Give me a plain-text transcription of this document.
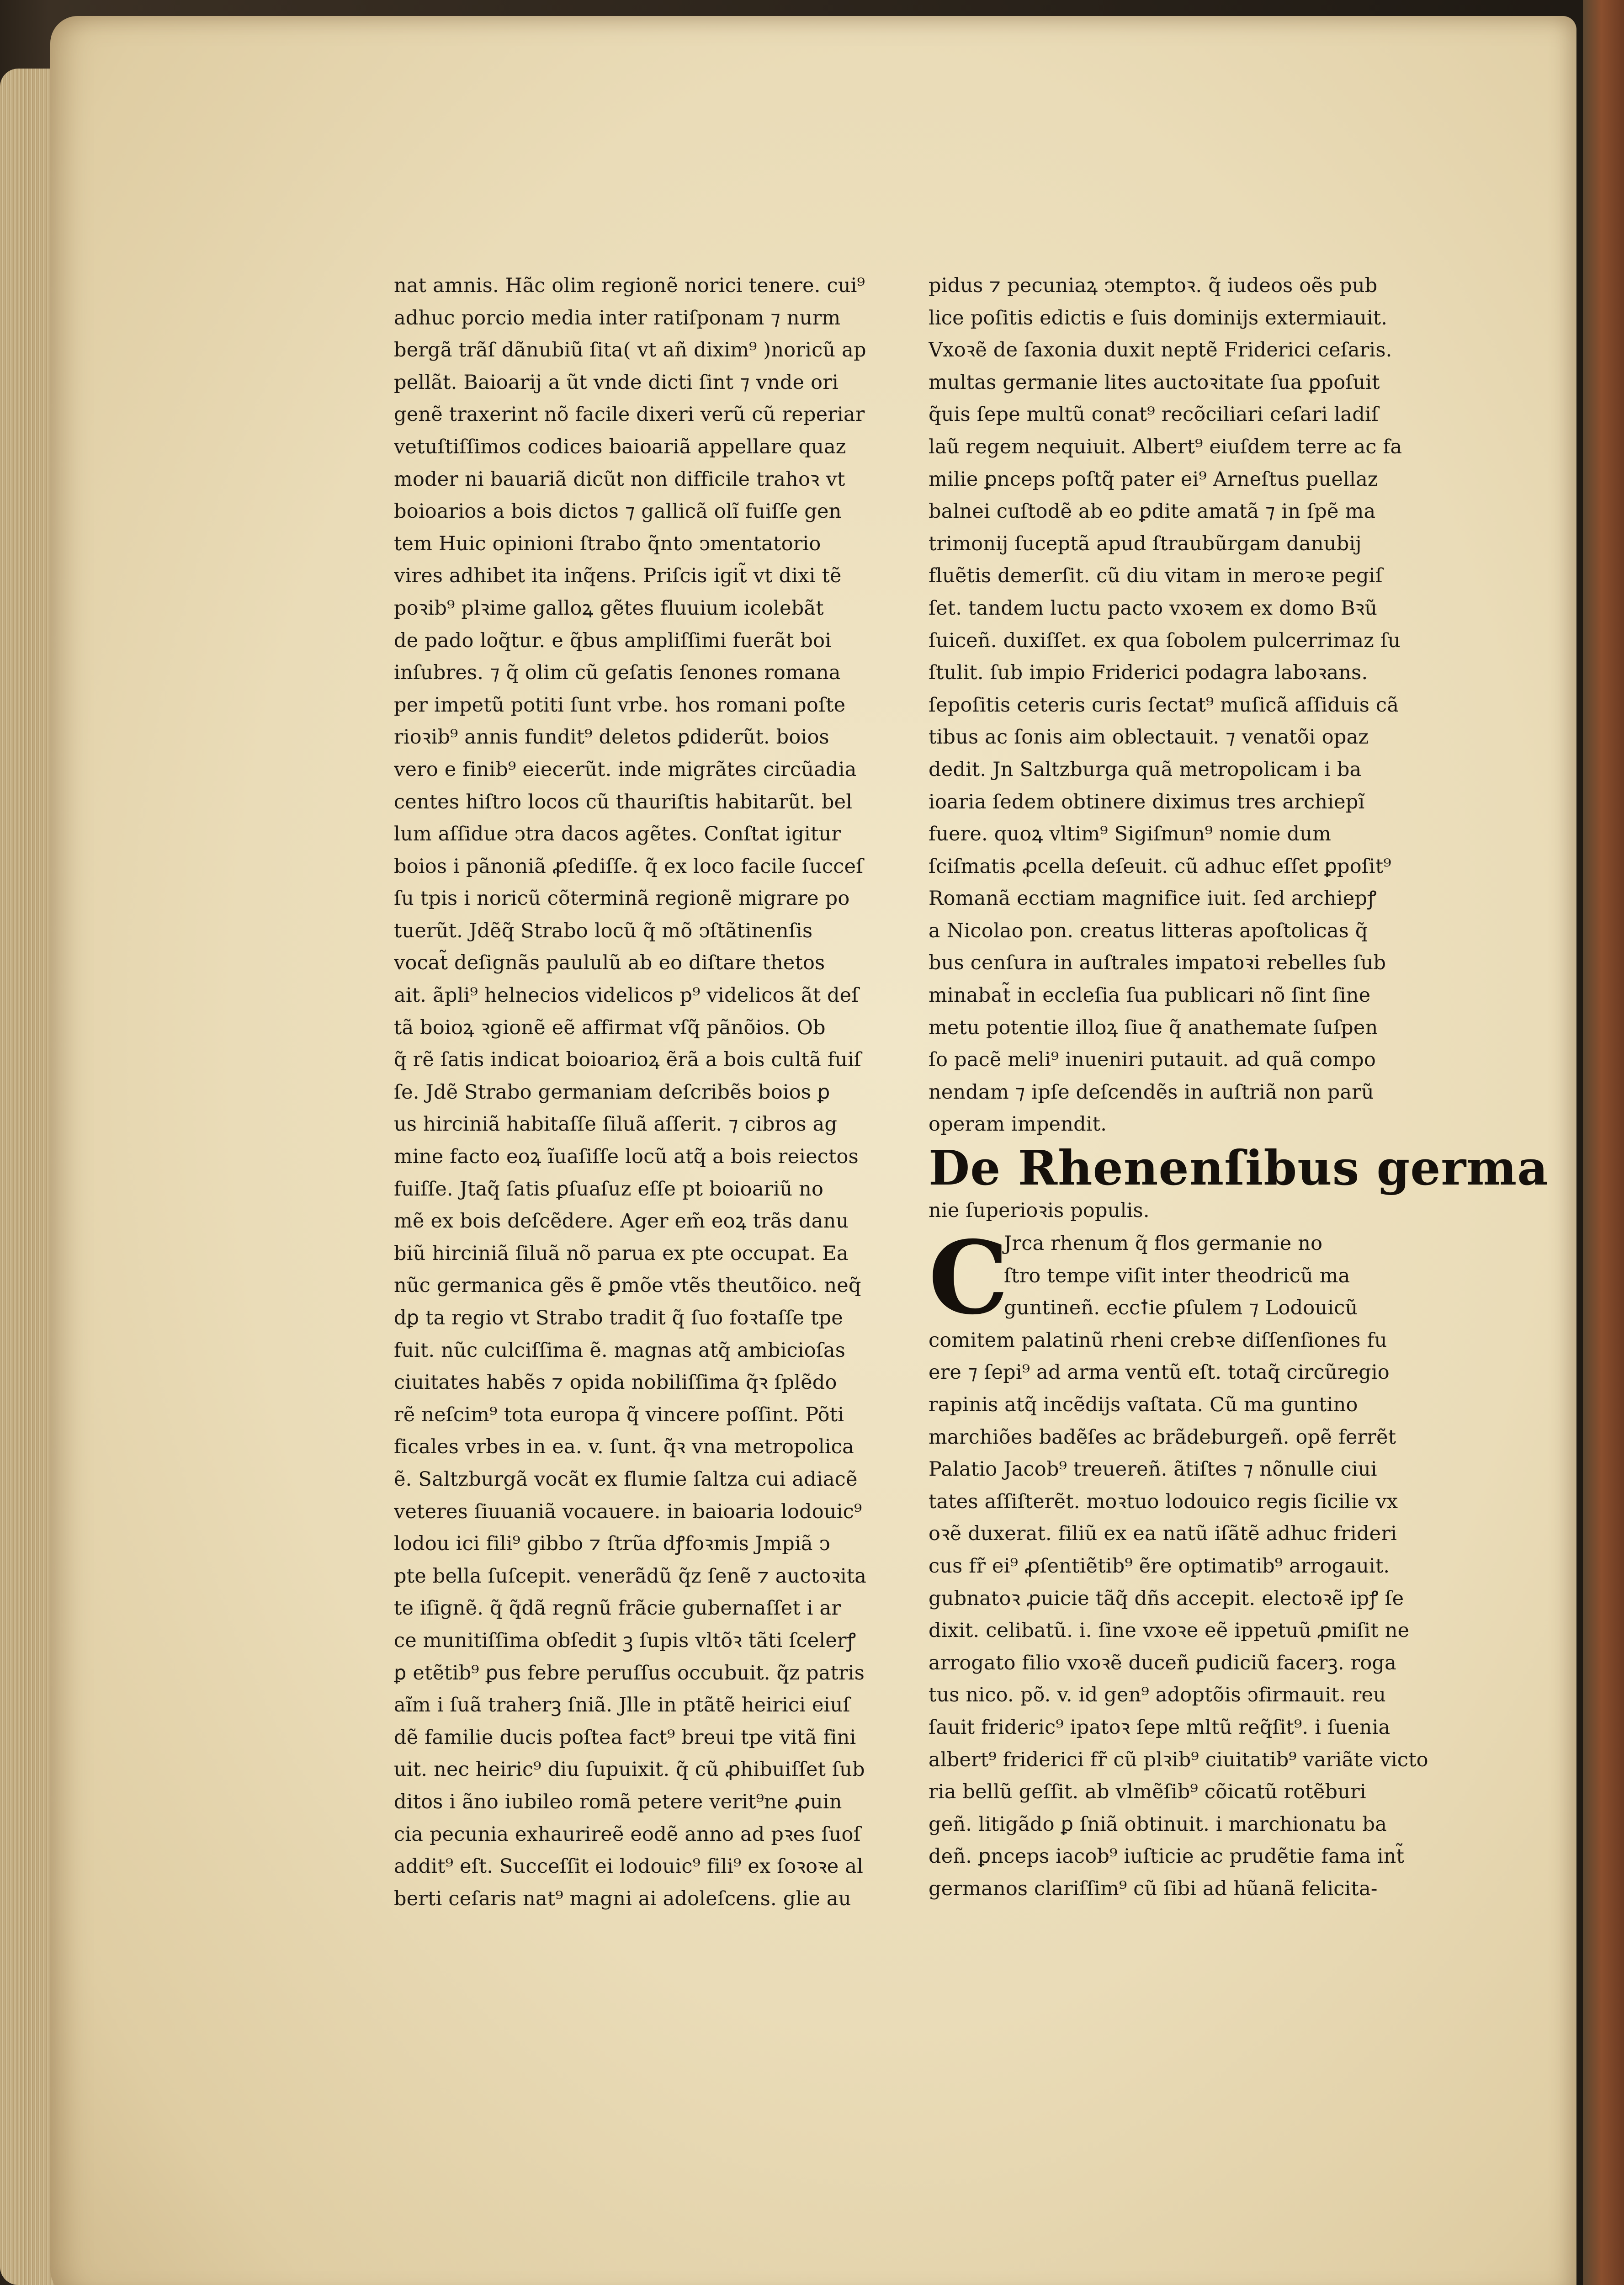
nat amnis. Hãc olim regionẽ norici tenere. cui⁹
adhuc porcio media inter ratiſponam ⁊ nurm
bergã trãſ dãnubiũ ſita( vt añ dixim⁹ )noricũ ap
pellãt. Baioarij a ũt vnde dicti ſint ⁊ vnde ori
genẽ traxerint nõ facile dixeri verũ cũ reperiar
vetuſtiſſimos codices baioariã appellare quaz
moder ni bauariã dicũt non difficile trahoꝛ vt
boioarios a bois dictos ⁊ gallicã olĩ fuiſſe gen
tem Huic opinioni ſtrabo q̃nto ↄmentatorio
vires adhibet ita inq̃ens. Priſcis igit̃ vt dixi tẽ
poꝛib⁹ plꝛime galloꝝ gẽtes fluuium icolebãt
de pado loq̃tur. e q̃bus ampliſſimi fuerãt boi
inſubres. ⁊ q̃ olim cũ geſatis ſenones romana
per impetũ potiti ſunt vrbe. hos romani poſte
rioꝛib⁹ annis fundit⁹ deletos ꝑdiderũt. boios
vero e finib⁹ eiecerũt. inde migrãtes circũadia
centes hiſtro locos cũ thauriſtis habitarũt. bel
lum aſſidue ↄtra dacos agẽtes. Conſtat igitur
boios i pãnoniã ꝓſediſſe. q̃ ex loco facile ſucceſ
ſu tpis i noricũ cõterminã regionẽ migrare po
tuerũt. Jdẽq̃ Strabo locũ q̃ mõ ↄſtãtinenſis
vocat̃ deſignãs paululũ ab eo diſtare thetos
ait. ãpli⁹ helnecios videlicos p⁹ videlicos ãt deſ
tã boioꝝ ꝛgionẽ eẽ affirmat vſq̃ pãnõios. Ob
q̃ rẽ ſatis indicat boioarioꝝ ẽrã a bois cultã fuiſ
ſe. Jdẽ Strabo germaniam deſcribẽs boios ꝑ
us hirciniã habitaſſe ſiluã aſſerit. ⁊ cibros ag
mine facto eoꝝ ĩuaſiſſe locũ atq̃ a bois reiectos
fuiſſe. Jtaq̃ ſatis ꝑſuaſuz eſſe pt boioariũ no
mẽ ex bois deſcẽdere. Ager em̃ eoꝝ trãs danu
biũ hirciniã ſiluã nõ parua ex pte occupat. Ea
nũc germanica gẽs ẽ ꝑmõe vtẽs theutõico. neq̃
dꝑ ta regio vt Strabo tradit q̃ ſuo foꝛtaſſe tpe
fuit. nũc culciſſima ẽ. magnas atq̃ ambicioſas
ciuitates habẽs ⁊ opida nobiliſſima q̃ꝛ ſplẽdo
rẽ neſcim⁹ tota europa q̃ vincere poſſint. Põti
ficales vrbes in ea. v. ſunt. q̃ꝛ vna metropolica
ẽ. Saltzburgã vocãt ex flumie ſaltza cui adiacẽ
veteres ſiuuaniã vocauere. in baioaria lodouic⁹
lodou ici fili⁹ gibbo ⁊ ſtrũa dꝭfoꝛmis Jmpiã ↄ
pte bella ſuſcepit. venerãdũ q̃z ſenẽ ⁊ auctoꝛita
te iſignẽ. q̃ q̃dã regnũ frãcie gubernaſſet i ar
ce munitiſſima obſedit ꝫ ſupis vltõꝛ tãti ſcelerꝭ
ꝑ etẽtib⁹ ꝑus febre peruſſus occubuit. q̃z patris
aĩm i ſuã traherꝫ ſniã. Jlle in ptãtẽ heirici eiuſ
dẽ familie ducis poſtea fact⁹ breui tpe vitã fini
uit. nec heiric⁹ diu ſupuixit. q̃ cũ ꝓhibuiſſet ſub
ditos i ãno iubileo romã petere verit⁹ne ꝓuin
cia pecunia exhaurireẽ eodẽ anno ad pꝛes ſuoſ
addit⁹ eſt. Succeſſit ei lodouic⁹ fili⁹ ex ſoꝛoꝛe al
berti ceſaris nat⁹ magni ai adoleſcens. glie au
pidus ⁊ pecuniaꝝ ↄtemptoꝛ. q̃ iudeos oẽs pub
lice poſitis edictis e ſuis dominijs extermiauit.
Vxoꝛẽ de ſaxonia duxit neptẽ Friderici ceſaris.
multas germanie lites auctoꝛitate ſua ꝑpoſuit
q̃uis ſepe multũ conat⁹ recõciliari ceſari ladiſ
laũ regem nequiuit. Albert⁹ eiuſdem terre ac fa
milie ꝑnceps poſtq̃ pater ei⁹ Arneſtus puellaz
balnei cuſtodẽ ab eo ꝑdite amatã ⁊ in ſpẽ ma
trimonij ſuceptã apud ſtraubũrgam danubij
fluẽtis demerſit. cũ diu vitam in meroꝛe pegiſ
ſet. tandem luctu pacto vxoꝛem ex domo Bꝛũ
ſuiceñ. duxiſſet. ex qua ſobolem pulcerrimaz ſu
ſtulit. ſub impio Friderici podagra laboꝛans.
ſepoſitis ceteris curis ſectat⁹ muſicã aſſiduis cã
tibus ac ſonis aim oblectauit. ⁊ venatõi opaz
dedit. Jn Saltzburga quã metropolicam i ba
ioaria ſedem obtinere diximus tres archiepĩ
fuere. quoꝝ vltim⁹ Sigiſmun⁹ nomie dum
ſciſmatis ꝓcella deſeuit. cũ adhuc eſſet ꝑpoſit⁹
Romanã ecctiam magnifice iuit. ſed archiepꝭ
a Nicolao pon. creatus litteras apoſtolicas q̃
bus cenſura in auſtrales impatoꝛi rebelles ſub
minabat̃ in eccleſia ſua publicari nõ ſint ſine
metu potentie illoꝝ ſiue q̃ anathemate ſuſpen
ſo pacẽ meli⁹ inueniri putauit. ad quã compo
nendam ⁊ ipſe deſcendẽs in auſtriã non parũ
operam impendit.
De Rhenenſibus germa
nie ſuperioꝛis populis.
C
Jrca rhenum q̃ flos germanie no
ſtro tempe viſit inter theodricũ ma
guntineñ. eccꝉie ꝑſulem ⁊ Lodouicũ
comitem palatinũ rheni crebꝛe diſſenſiones fu
ere ⁊ ſepi⁹ ad arma ventũ eſt. totaq̃ circũregio
rapinis atq̃ incẽdijs vaſtata. Cũ ma guntino
marchiões badẽſes ac brãdeburgeñ. opẽ ferrẽt
Palatio Jacob⁹ treuereñ. ãtiſtes ⁊ nõnulle ciui
tates aſſiſterẽt. moꝛtuo lodouico regis ſicilie vx
oꝛẽ duxerat. filiũ ex ea natũ iſãtẽ adhuc frideri
cus fr̃ ei⁹ ꝓſentiẽtib⁹ ẽre optimatib⁹ arrogauit.
gubnatoꝛ ꝓuicie tãq̃ dñs accepit. electoꝛẽ ipꝭ ſe
dixit. celibatũ. i. ſine vxoꝛe eẽ ippetuũ ꝓmiſit ne
arrogato filio vxoꝛẽ duceñ ꝑudiciũ facerꝫ. roga
tus nico. põ. v. id gen⁹ adoptõis ↄfirmauit. reu
ſauit frideric⁹ ipatoꝛ ſepe mltũ req̃ſit⁹. i ſuenia
albert⁹ friderici fr̃ cũ plꝛib⁹ ciuitatib⁹ variãte victo
ria bellũ geſſit. ab vlmẽſib⁹ cõicatũ rotẽburi
geñ. litigãdo ꝑ ſniã obtinuit. i marchionatu ba
deñ. ꝑnceps iacob⁹ iuſticie ac prudẽtie fama int̃
germanos clariſſim⁹ cũ ſibi ad hũanã felicita-
